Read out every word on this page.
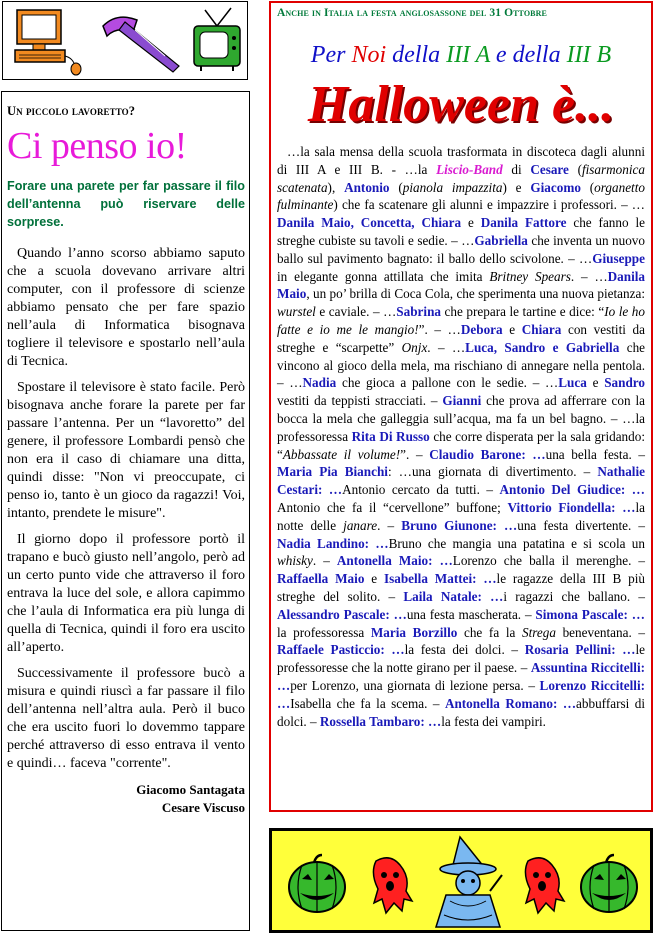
Un piccolo lavoretto?
Ci penso io!

Forare una parete per far passare il filo dell’antenna può riservare delle sorprese.

Quando l’anno scorso abbiamo saputo che a scuola dovevano arrivare altri computer, con il professore di scienze abbiamo pensato che per fare spazio nell’aula di Informatica bisognava togliere il televisore e spostarlo nell’aula di Tecnica.

Spostare il televisore è stato facile. Però bisognava anche forare la parete per far passare l’antenna. Per un “lavoretto” del genere, il professore Lombardi pensò che non era il caso di chiamare una ditta, quindi disse: "Non vi preoccupate, ci penso io, tanto è un gioco da ragazzi! Voi, intanto, prendete le misure".

Il giorno dopo il professore portò il trapano e bucò giusto nell’angolo, però ad un certo punto vide che attraverso il foro entrava la luce del sole, e allora capimmo che l’aula di Informatica era più lunga di quella di Tecnica, quindi il foro era uscito all’aperto.

Successivamente il professore bucò a misura e quindi riuscì a far passare il filo dell’antenna nell’altra aula. Però il buco che era uscito fuori lo dovemmo tappare perché attraverso di esso entrava il vento e quindi… faceva "corrente".

Giacomo Santagata
Cesare Viscuso
Anche in Italia la festa anglosassone del 31 Ottobre
Per Noi della III A e della III B
Halloween è...

…la sala mensa della scuola trasformata in discoteca dagli alunni di III A e III B. - …la Liscio-Band di Cesare (fisarmonica scatenata), Antonio (pianola impazzita) e Giacomo (organetto fulminante) che fa scatenare gli alunni e impazzire i professori. – …Danila Maio, Concetta, Chiara e Danila Fattore che fanno le streghe cubiste su tavoli e sedie. – …Gabriella che inventa un nuovo ballo sul pavimento bagnato: il ballo dello scivolone. – …Giuseppe in elegante gonna attillata che imita Britney Spears. – …Danila Maio, un po’ brilla di Coca Cola, che sperimenta una nuova pietanza: wurstel e caviale. – …Sabrina che prepara le tartine e dice: “Io le ho fatte e io me le mangio!”. – …Debora e Chiara con vestiti da streghe e “scarpette” Onjx. – …Luca, Sandro e Gabriella che vincono al gioco della mela, ma rischiano di annegare nella pentola. – …Nadia che gioca a pallone con le sedie. – …Luca e Sandro vestiti da teppisti stracciati. – Gianni che prova ad afferrare con la bocca la mela che galleggia sull’acqua, ma fa un bel bagno. – …la professoressa Rita Di Russo che corre disperata per la sala gridando: “Abbassate il volume!”. – Claudio Barone: …una bella festa. – Maria Pia Bianchi: …una giornata di divertimento. – Nathalie Cestari: …Antonio cercato da tutti. – Antonio Del Giudice: …Antonio che fa il “cervellone” buffone; Vittorio Fiondella: …la notte delle janare. – Bruno Giunone: …una festa divertente. – Nadia Landino: …Bruno che mangia una patatina e si scola un whisky. – Antonella Maio: …Lorenzo che balla il merenghe. – Raffaella Maio e Isabella Mattei: …le ragazze della III B più streghe del solito. – Laila Natale: …i ragazzi che ballano. – Alessandro Pascale: …una festa mascherata. – Simona Pascale: …la professoressa Maria Borzillo che fa la Strega beneventana. – Raffaele Pasticcio: …la festa dei dolci. – Rosaria Pellini: …le professoresse che la notte girano per il paese. – Assuntina Riccitelli: …per Lorenzo, una giornata di lezione persa. – Lorenzo Riccitelli: …Isabella che fa la scema. – Antonella Romano: …abbuffarsi di dolci. – Rossella Tambaro: …la festa dei vampiri.
